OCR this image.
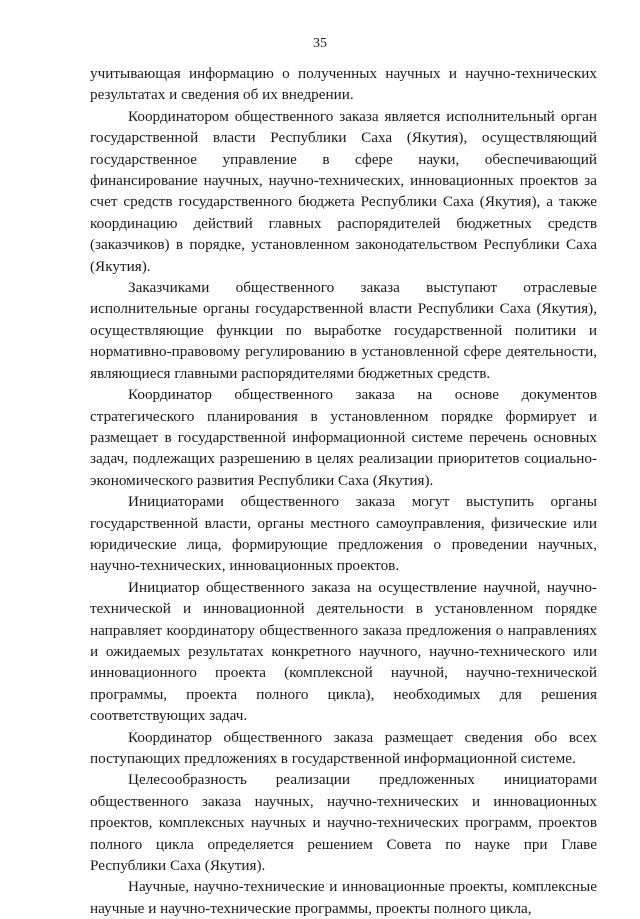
35

учитывающая информацию о полученных научных и научно-технических результатах и сведения об их внедрении.

Координатором общественного заказа является исполнительный орган государственной власти Республики Саха (Якутия), осуществляющий государственное управление в сфере науки, обеспечивающий финансирование научных, научно-технических, инновационных проектов за счет средств государственного бюджета Республики Саха (Якутия), а также координацию действий главных распорядителей бюджетных средств (заказчиков) в порядке, установленном законодательством Республики Саха (Якутия).

Заказчиками общественного заказа выступают отраслевые исполнительные органы государственной власти Республики Саха (Якутия), осуществляющие функции по выработке государственной политики и нормативно-правовому регулированию в установленной сфере деятельности, являющиеся главными распорядителями бюджетных средств.

Координатор общественного заказа на основе документов стратегического планирования в установленном порядке формирует и размещает в государственной информационной системе перечень основных задач, подлежащих разрешению в целях реализации приоритетов социально-экономического развития Республики Саха (Якутия).

Инициаторами общественного заказа могут выступить органы государственной власти, органы местного самоуправления, физические или юридические лица, формирующие предложения о проведении научных, научно-технических, инновационных проектов.

Инициатор общественного заказа на осуществление научной, научно-технической и инновационной деятельности в установленном порядке направляет координатору общественного заказа предложения о направлениях и ожидаемых результатах конкретного научного, научно-технического или инновационного проекта (комплексной научной, научно-технической программы, проекта полного цикла), необходимых для решения соответствующих задач.

Координатор общественного заказа размещает сведения обо всех поступающих предложениях в государственной информационной системе.

Целесообразность реализации предложенных инициаторами общественного заказа научных, научно-технических и инновационных проектов, комплексных научных и научно-технических программ, проектов полного цикла определяется решением Совета по науке при Главе Республики Саха (Якутия).

Научные, научно-технические и инновационные проекты, комплексные научные и научно-технические программы, проекты полного цикла,
